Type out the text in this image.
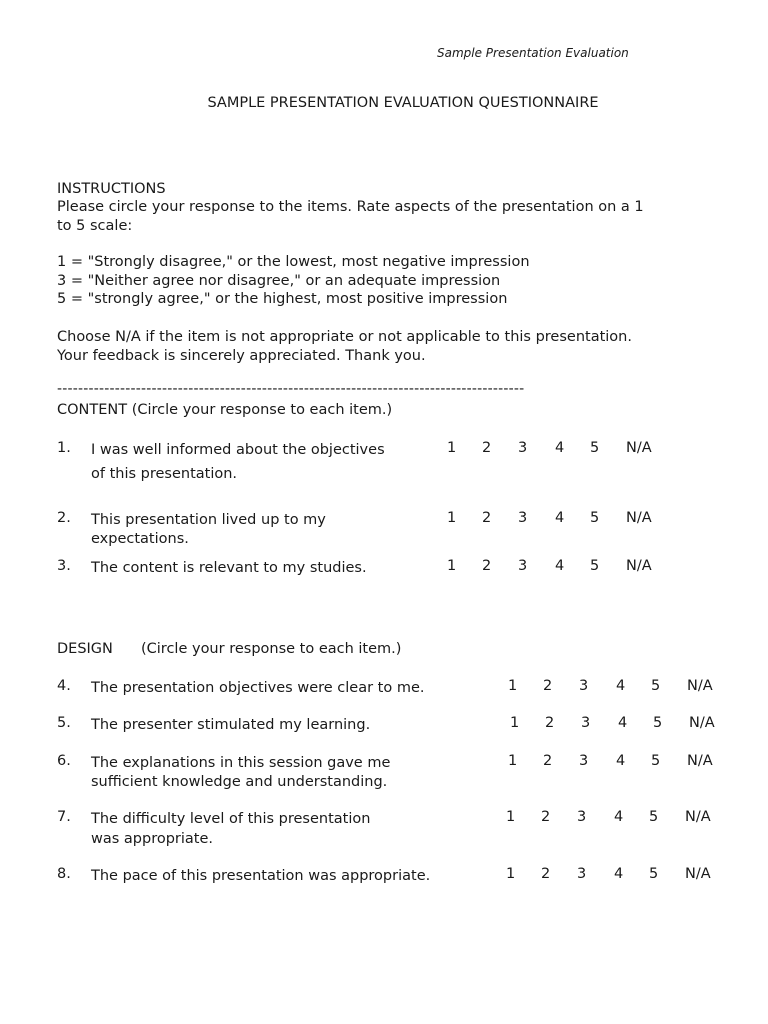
Sample Presentation Evaluation
SAMPLE PRESENTATION EVALUATION QUESTIONNAIRE
INSTRUCTIONS
Please circle your response to the items. Rate aspects of the presentation on a 1
to 5 scale:
1 = "Strongly disagree," or the lowest, most negative impression
3 = "Neither agree nor disagree," or an adequate impression
5 = "strongly agree," or the highest, most positive impression
Choose N/A if the item is not appropriate or not applicable to this presentation.
Your feedback is sincerely appreciated. Thank you.
-----------------------------------------------------------------------------------------
CONTENT (Circle your response to each item.)
1. I was well informed about the objectives
of this presentation.
1 2 3 4 5 N/A
2. This presentation lived up to my
expectations.
1 2 3 4 5 N/A
3. The content is relevant to my studies.	1 2 3 4 5 N/A
DESIGN (Circle your response to each item.)
4. The presentation objectives were clear to me.	1 2 3 4 5 N/A
5. The presenter stimulated my learning.	1 2 3 4 5 N/A
6. The explanations in this session gave me
sufficient knowledge and understanding.
1 2 3 4 5 N/A
7. The difficulty level of this presentation
was appropriate.
1 2 3 4 5 N/A
8. The pace of this presentation was appropriate.	1 2 3 4 5 N/A
